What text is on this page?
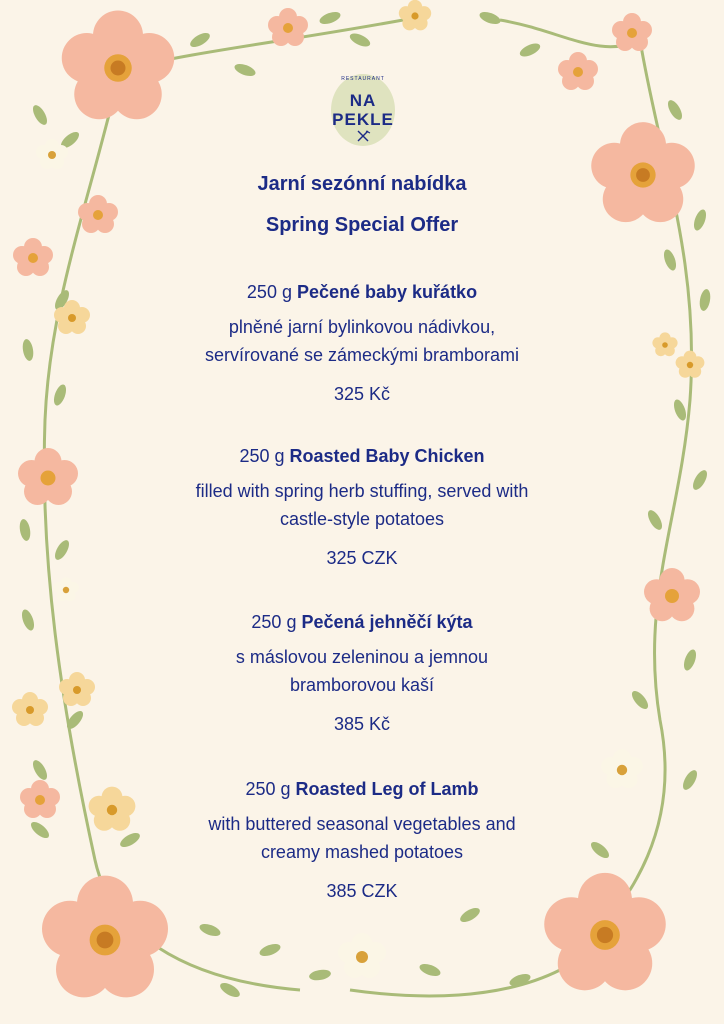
RESTAURANT
NA
PEKLE
Jarní sezónní nabídka
Spring Special Offer
250 g Pečené baby kuřátko
plněné jarní bylinkovou nádivkou,
servírované se zámeckými bramborami
325 Kč
250 g Roasted Baby Chicken
filled with spring herb stuffing, served with
castle-style potatoes
325 CZK
250 g Pečená jehněčí kýta
s máslovou zeleninou a jemnou
bramborovou kaší
385 Kč
250 g Roasted Leg of Lamb
with buttered seasonal vegetables and
creamy mashed potatoes
385 CZK
